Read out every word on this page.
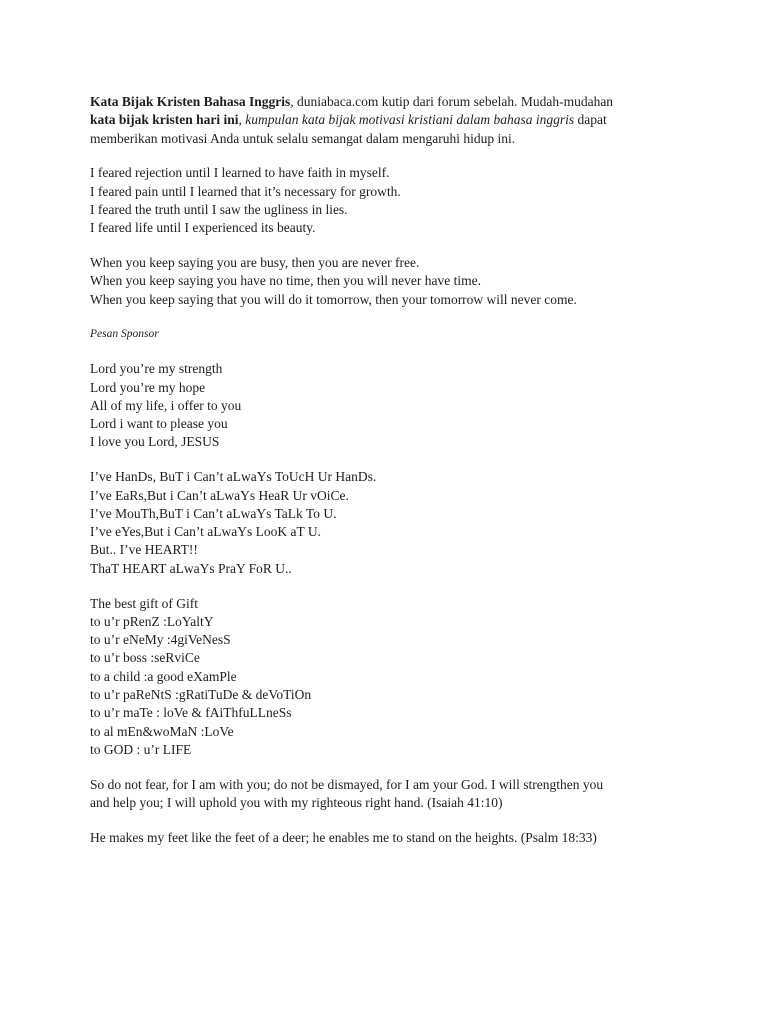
Kata Bijak Kristen Bahasa Inggris, duniabaca.com kutip dari forum sebelah. Mudah-mudahan
kata bijak kristen hari ini, kumpulan kata bijak motivasi kristiani dalam bahasa inggris dapat
memberikan motivasi Anda untuk selalu semangat dalam mengaruhi hidup ini.
I feared rejection until I learned to have faith in myself.
I feared pain until I learned that it’s necessary for growth.
I feared the truth until I saw the ugliness in lies.
I feared life until I experienced its beauty.
When you keep saying you are busy, then you are never free.
When you keep saying you have no time, then you will never have time.
When you keep saying that you will do it tomorrow, then your tomorrow will never come.
Pesan Sponsor
Lord you’re my strength
Lord you’re my hope
All of my life, i offer to you
Lord i want to please you
I love you Lord, JESUS
I’ve HanDs, BuT i Can’t aLwaYs ToUcH Ur HanDs.
I’ve EaRs,But i Can’t aLwaYs HeaR Ur vOiCe.
I’ve MouTh,BuT i Can’t aLwaYs TaLk To U.
I’ve eYes,But i Can’t aLwaYs LooK aT U.
But.. I’ve HEART!!
ThaT HEART aLwaYs PraY FoR U..
The best gift of Gift
to u’r pRenZ :LoYaltY
to u’r eNeMy :4giVeNesS
to u’r boss :seRviCe
to a child :a good eXamPle
to u’r paReNtS :gRatiTuDe & deVoTiOn
to u’r maTe : loVe & fAiThfuLLneSs
to al mEn&woMaN :LoVe
to GOD : u’r LIFE
So do not fear, for I am with you; do not be dismayed, for I am your God. I will strengthen you
and help you; I will uphold you with my righteous right hand. (Isaiah 41:10)
He makes my feet like the feet of a deer; he enables me to stand on the heights. (Psalm 18:33)
